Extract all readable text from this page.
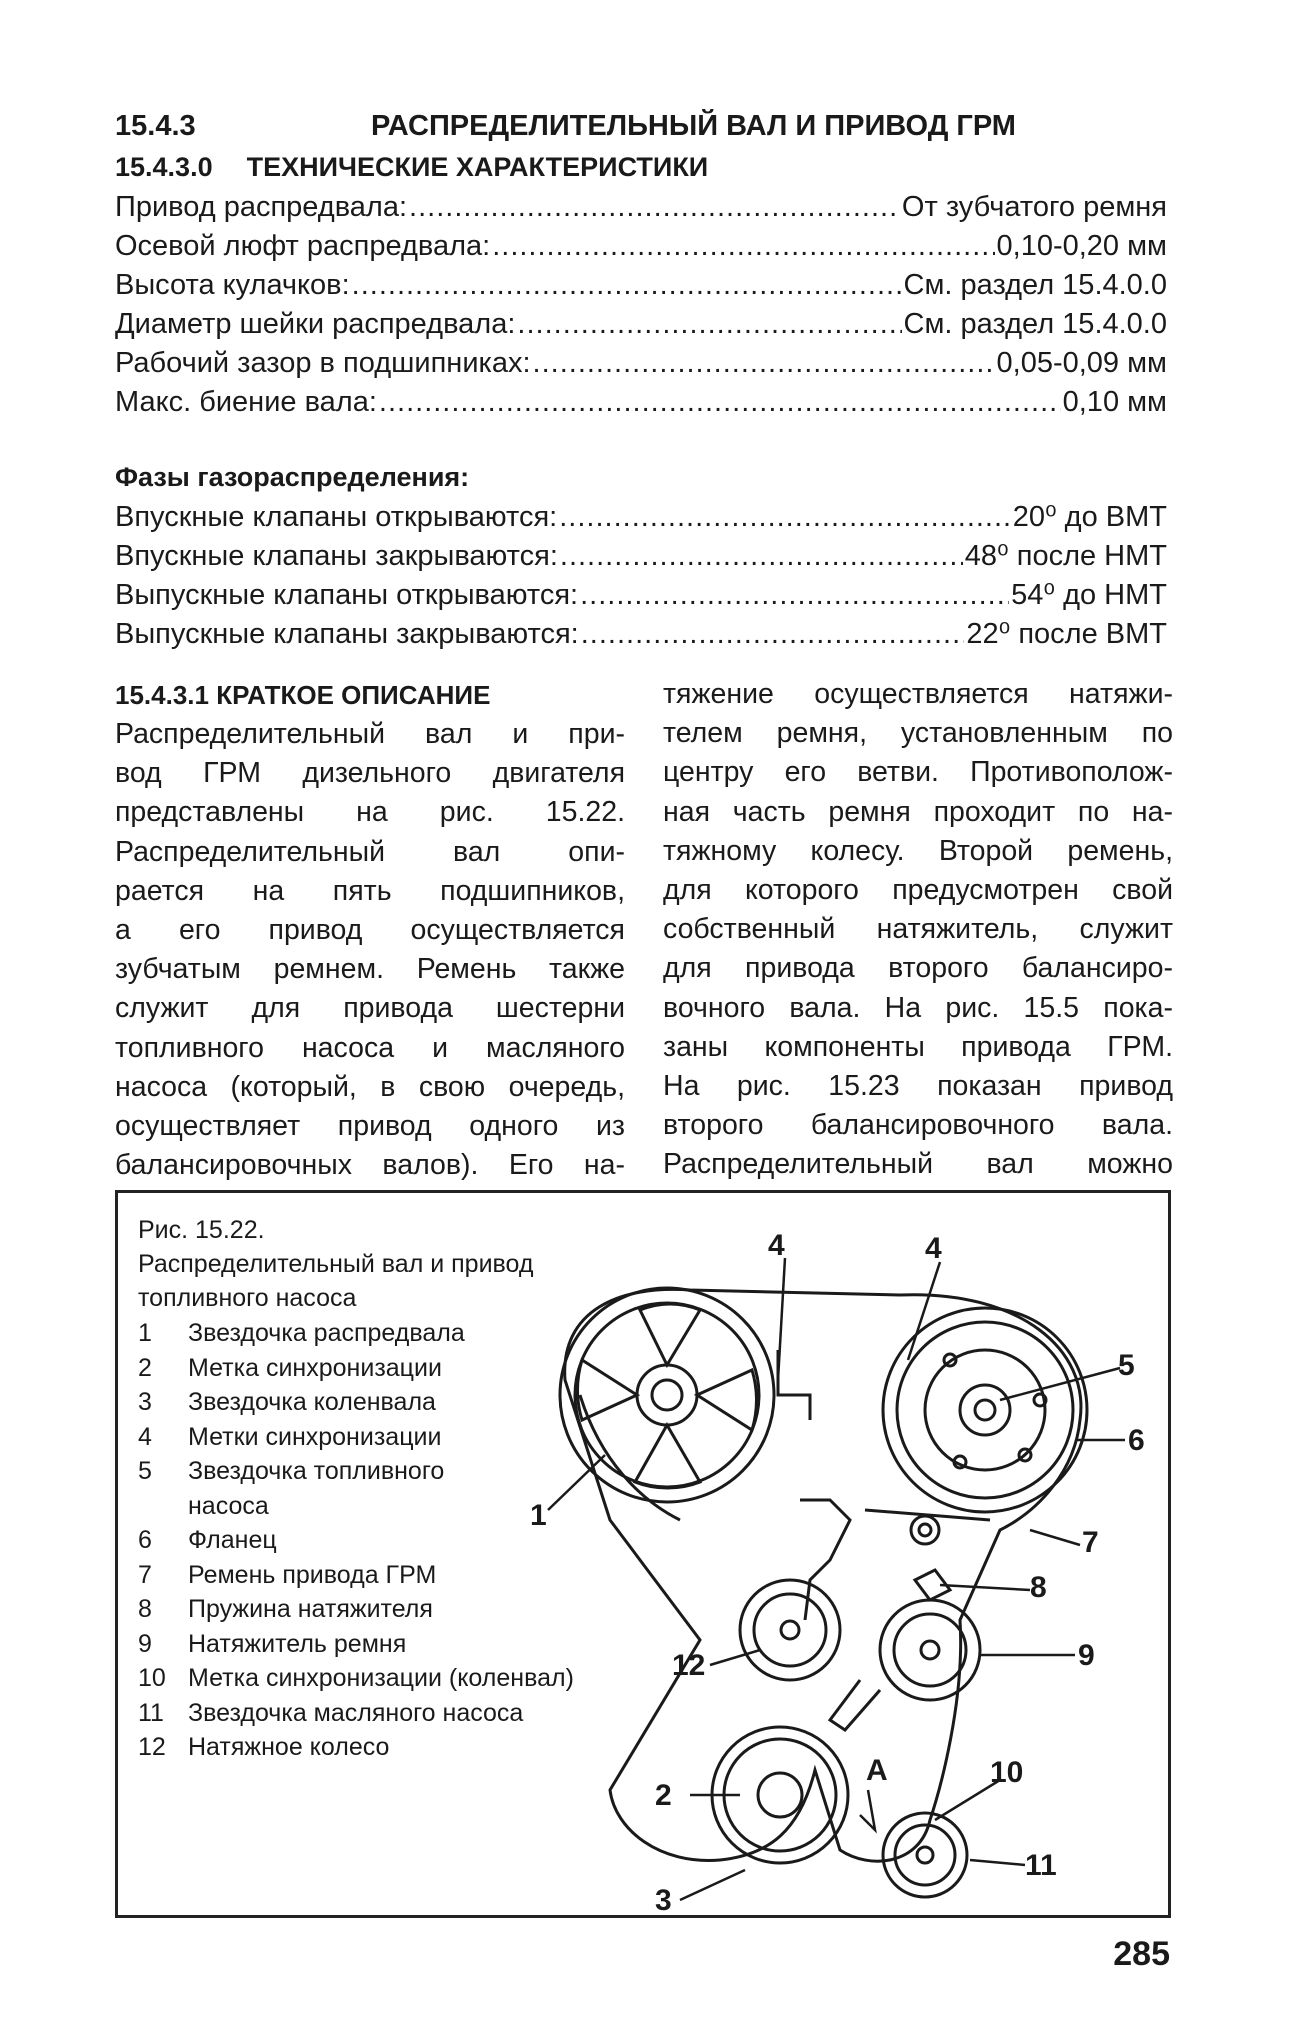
15.4.3	РАСПРЕДЕЛИТЕЛЬНЫЙ ВАЛ И ПРИВОД ГРМ
15.4.3.0 ТЕХНИЧЕСКИЕ ХАРАКТЕРИСТИКИ
Привод распредвала: .....	От зубчатого ремня
Осевой люфт распредвала: .....	0,10-0,20 мм
Высота кулачков: .....	См. раздел 15.4.0.0
Диаметр шейки распредвала: .....	См. раздел 15.4.0.0
Рабочий зазор в подшипниках: .....	0,05-0,09 мм
Макс. биение вала: .....	0,10 мм
Фазы газораспределения:
Впускные клапаны открываются: .....	20⁰ до ВМТ
Впускные клапаны закрываются: .....	48⁰ после НМТ
Выпускные клапаны открываются: .....	54⁰ до НМТ
Выпускные клапаны закрываются: .....	22⁰ после ВМТ
15.4.3.1 КРАТКОЕ ОПИСАНИЕ

Распределительный вал и при-

вод ГРМ дизельного двигателя

представлены на рис. 15.22.

Распределительный вал опи-

рается на пять подшипников,

а его привод осуществляется

зубчатым ремнем. Ремень также

служит для привода шестерни

топливного насоса и масляного

насоса (который, в свою очередь,

осуществляет привод одного из

балансировочных валов). Его на-

тяжение осуществляется натяжи-

телем ремня, установленным по

центру его ветви. Противополож-

ная часть ремня проходит по на-

тяжному колесу. Второй ремень,

для которого предусмотрен свой

собственный натяжитель, служит

для привода второго балансиро-

вочного вала. На рис. 15.5 пока-

заны компоненты привода ГРМ.

На рис. 15.23 показан привод

второго балансировочного вала.

Распределительный вал можно

Рис. 15.22.
Распределительный вал и привод
топливного насоса
1	Звездочка распредвала
2	Метка синхронизации
3	Звездочка коленвала
4	Метки синхронизации
5	Звездочка топливного
насоса
6	Фланец
7	Ремень привода ГРМ
8	Пружина натяжителя
9	Натяжитель ремня
10 Метка синхронизации (коленвал)
11 Звездочка масляного насоса
12 Натяжное колесо
1
2
3
4	4
5
6
7
8
9
10
11
12
A
285
